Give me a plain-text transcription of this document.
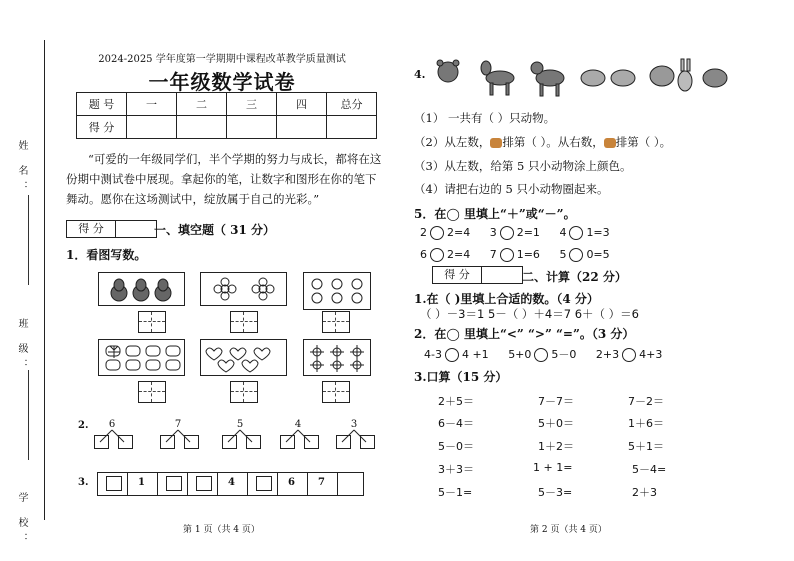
姓 名：
班 级：
学 校：
2024-2025 学年度第一学期期中课程改革教学质量测试
一年级数学试卷
题 号	一	二	三	四	总分
得 分					
“可爱的一年级同学们，半个学期的努力与成长，都将在这份期中测试卷中展现。拿起你的笔，让数字和图形在你的笔下舞动。愿你在这场测试中，绽放属于自己的光彩。”
得 分	一、填空题（ 31 分）
1．看图写数。
2.	6	7	5	4	3
3.	1	4	6 7
第 1 页（共 4 页）	第 2 页（共 4 页）
4.
（1） 一共有（ ）只动物。
（2）从左数， 排第（ ）。从右数， 排第（ ）。
（3）从左数，给第 5 只小动物涂上颜色。
（4）请把右边的 5 只小动物圈起来。
5．在◯ 里填上“＋”或“－”。
2 2=4 3 2=1 4 1=3
6 2=4 7 1=6 5 0=5
得 分	二、计算（22 分）
1.在（ )里填上合适的数。（4 分）
（ ）－3＝1 5－（ ）＋4＝7 6＋（ ）＝6
2．在◯ 里填上“<” “>” “=”。（3 分）
4-3 4 +1 5+0 5－0 2+3 4+3
3.口算（15 分）
2＋5＝	7－7＝	7－2＝
6－4＝	5＋0＝	1＋6＝
5－0＝	1＋2＝	5＋1＝
3＋3＝	1 + 1=	5－4=
5－1=	5－3=	2＋3
